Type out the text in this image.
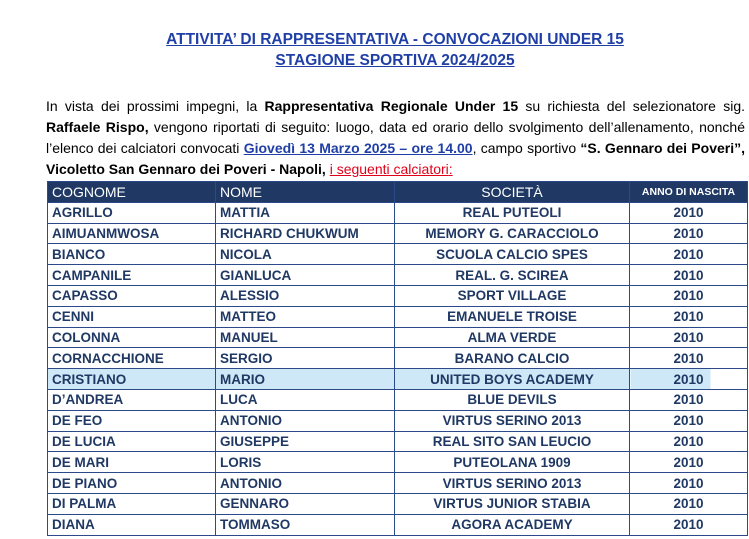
ATTIVITA’ DI RAPPRESENTATIVA - CONVOCAZIONI UNDER 15
STAGIONE SPORTIVA 2024/2025
In vista dei prossimi impegni, la Rappresentativa Regionale Under 15 su richiesta del selezionatore sig. Raffaele Rispo, vengono riportati di seguito: luogo, data ed orario dello svolgimento dell’allenamento, nonché l’elenco dei calciatori convocati Giovedì 13 Marzo 2025 – ore 14.00, campo sportivo “S. Gennaro dei Poveri”, Vicoletto San Gennaro dei Poveri - Napoli, i seguenti calciatori:
COGNOME	NOME	SOCIETÀ	ANNO DI NASCITA
AGRILLO	MATTIA	REAL PUTEOLI	2010
AIMUANMWOSA	RICHARD CHUKWUM	MEMORY G. CARACCIOLO	2010
BIANCO	NICOLA	SCUOLA CALCIO SPES	2010
CAMPANILE	GIANLUCA	REAL. G. SCIREA	2010
CAPASSO	ALESSIO	SPORT VILLAGE	2010
CENNI	MATTEO	EMANUELE TROISE	2010
COLONNA	MANUEL	ALMA VERDE	2010
CORNACCHIONE	SERGIO	BARANO CALCIO	2010
CRISTIANO	MARIO	UNITED BOYS ACADEMY	2010
D’ANDREA	LUCA	BLUE DEVILS	2010
DE FEO	ANTONIO	VIRTUS SERINO 2013	2010
DE LUCIA	GIUSEPPE	REAL SITO SAN LEUCIO	2010
DE MARI	LORIS	PUTEOLANA 1909	2010
DE PIANO	ANTONIO	VIRTUS SERINO 2013	2010
DI PALMA	GENNARO	VIRTUS JUNIOR STABIA	2010
DIANA	TOMMASO	AGORA ACADEMY	2010
